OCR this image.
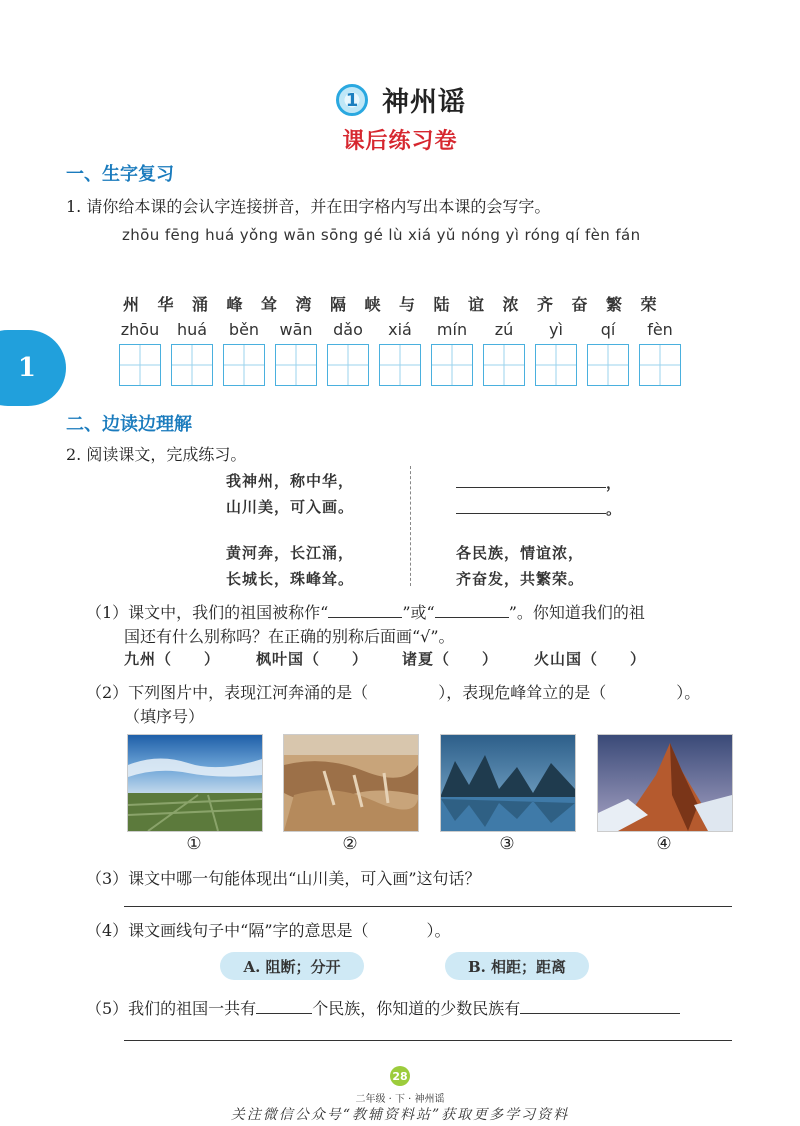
1
1 神州谣
课后练习卷
一、生字复习
1. 请你给本课的会认字连接拼音，并在田字格内写出本课的会写字。
zhōu fēng huá yǒng wān sōng gé lù xiá yǔ nóng yì róng qí fèn fán
州 华 涌 峰 耸 湾 隔 峡 与 陆 谊 浓 齐 奋 繁 荣
zhōu	huá	běn	wān	dǎo	xiá	mín	zú	yì	qí	fèn
二、边读边理解
2. 阅读课文，完成练习。
我神州，称中华，
山川美，可入画。
，
。
黄河奔，长江涌，
长城长，珠峰耸。
各民族，情谊浓，
齐奋发，共繁荣。
（1）课文中，我们的祖国被称作“	”或“	”。你知道我们的祖
国还有什么别称吗？在正确的别称后面画“√”。
九州（　　） 枫叶国（　　） 诸夏（　　） 火山国（　　）
（2）下列图片中，表现江河奔涌的是（	），表现危峰耸立的是（	）。
（填序号）
①	②	③	④
（3）课文中哪一句能体现出“山川美，可入画”这句话？
（4）课文画线句子中“隔”字的意思是（	）。
A. 阻断；分开	B. 相距；距离
（5）我们的祖国一共有	个民族，你知道的少数民族有
28
二年级 · 下 · 神州谣
关注微信公众号“教辅资料站”获取更多学习资料
